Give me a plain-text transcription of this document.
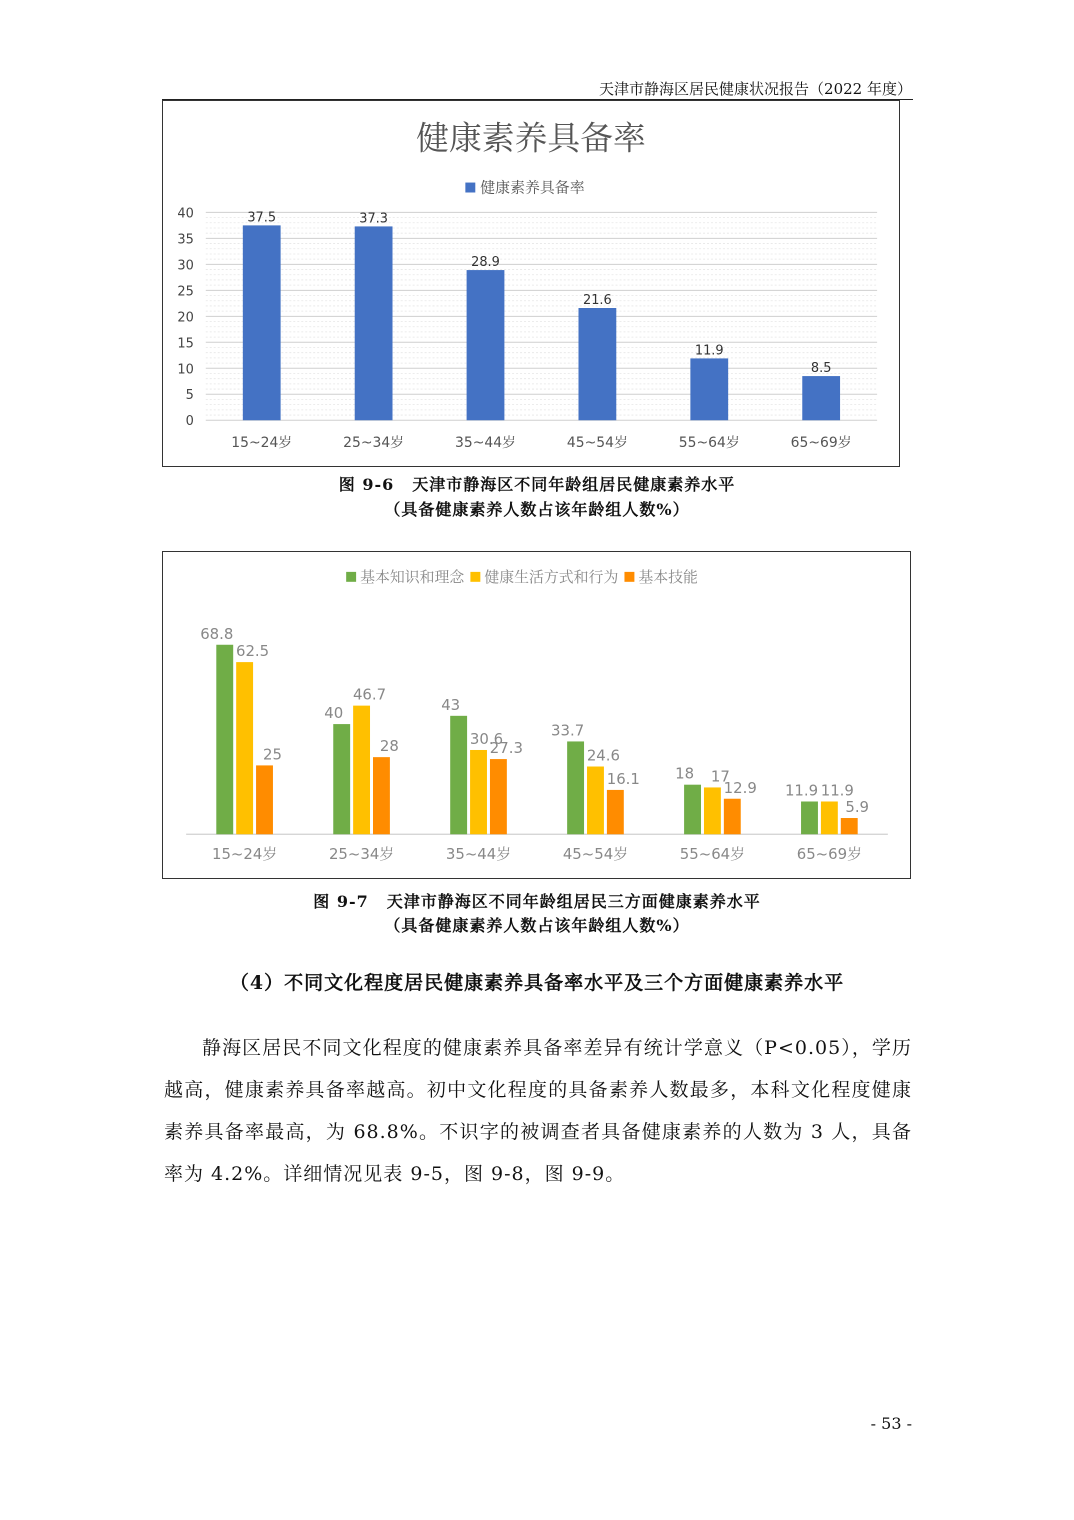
天津市静海区居民健康状况报告（2022 年度）
0
5
10
15
20
25
30
35
40
健康素养具备率
健康素养具备率
37.5
15~24岁
37.3
25~34岁
28.9
35~44岁
21.6
45~54岁
11.9
55~64岁
8.5
65~69岁
图 9-6 天津市静海区不同年龄组居民健康素养水平
（具备健康素养人数占该年龄组人数%）
基本知识和理念 健康生活方式和行为 基本技能
68.8
62.5
25
15~24岁
40
46.7
28
25~34岁
43
30.6
27.3
35~44岁
33.7
24.6
16.1
45~54岁
18 17
12.9
55~64岁
11.9 11.9
5.9
65~69岁
图 9-7 天津市静海区不同年龄组居民三方面健康素养水平
（具备健康素养人数占该年龄组人数%）
（4）不同文化程度居民健康素养具备率水平及三个方面健康素养水平

静海区居民不同文化程度的健康素养具备率差异有统计学意义（P<0.05），学历越高，健康素养具备率越高。初中文化程度的具备素养人数最多，本科文化程度健康素养具备率最高，为 68.8%。不识字的被调查者具备健康素养的人数为 3 人，具备率为 4.2%。详细情况见表 9-5，图 9-8，图 9-9。

- 53 -
